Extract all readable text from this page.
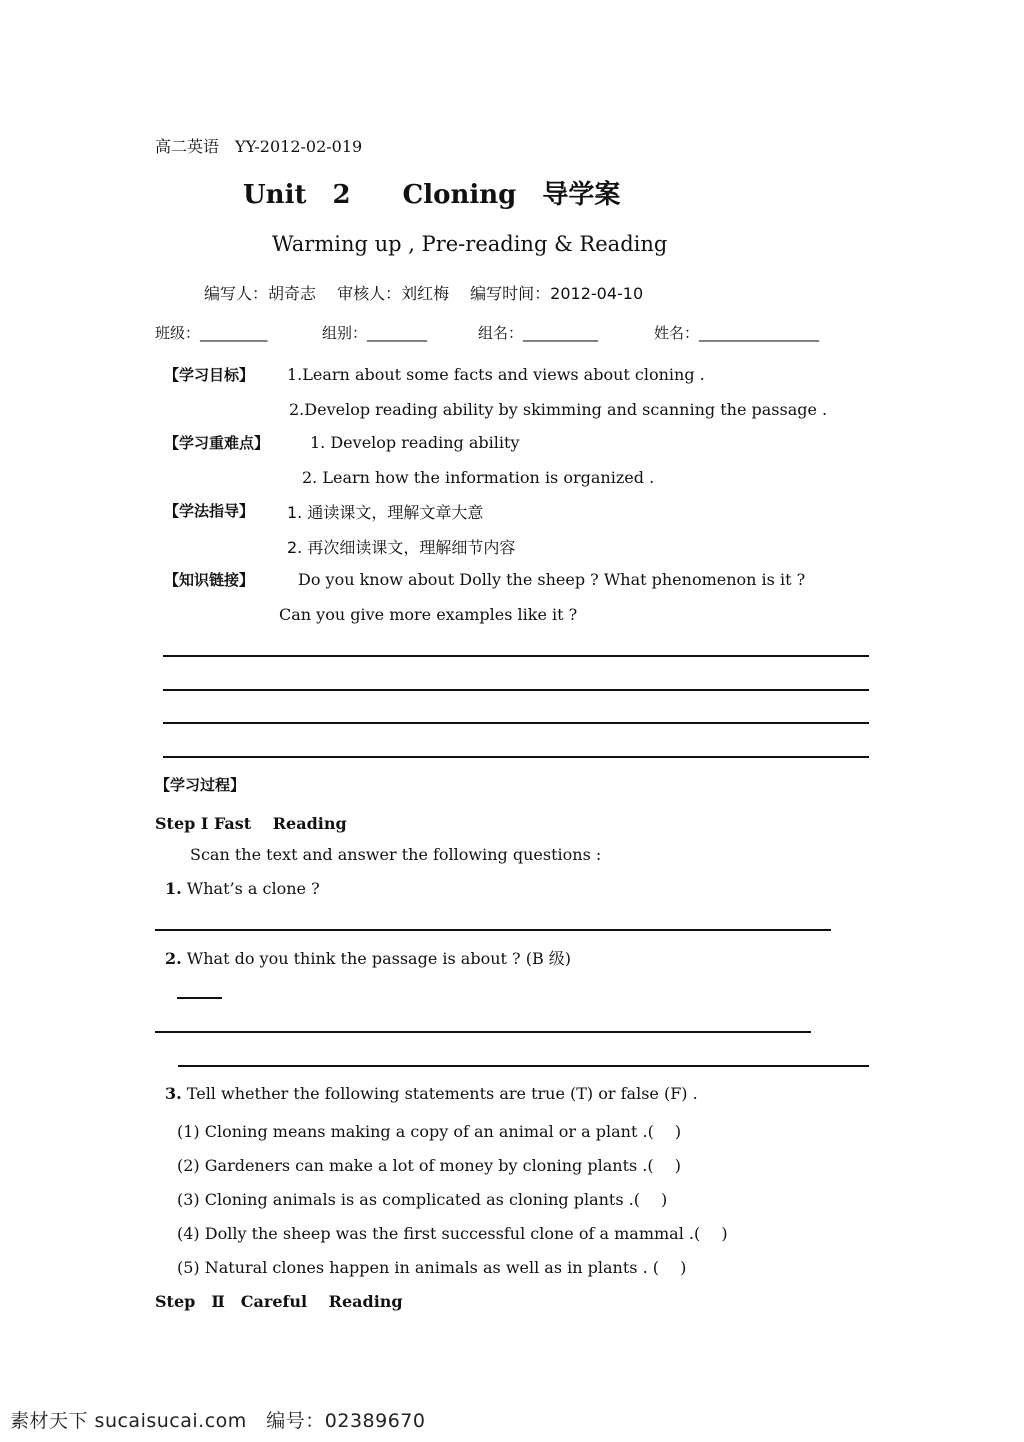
高二英语　YY-2012-02-019
Unit　2　　Cloning　导学案
Warming up , Pre-reading & Reading
编写人：胡奇志　 审核人：刘红梅　 编写时间：2012-04-10
班级：_________	组别：________	组名：__________	姓名：________________
【学习目标】 1.Learn about some facts and views about cloning .
2.Develop reading ability by skimming and scanning the passage .
【学习重难点】	1. Develop reading ability
2. Learn how the information is organized .
【学法指导】 1. 通读课文，理解文章大意
2. 再次细读课文，理解细节内容
【知识链接】	Do you know about Dolly the sheep ? What phenomenon is it ?
Can you give more examples like it ?
【学习过程】
Step I Fast　 Reading
Scan the text and answer the following questions :
1. What’s a clone ?
2. What do you think the passage is about ? (B 级)
3. Tell whether the following statements are true (T) or false (F) .
(1) Cloning means making a copy of an animal or a plant .(　 )
(2) Gardeners can make a lot of money by cloning plants .(　 )
(3) Cloning animals is as complicated as cloning plants .(　 )
(4) Dolly the sheep was the first successful clone of a mammal .(　 )
(5) Natural clones happen in animals as well as in plants . (　 )
Step　Ⅱ　Careful　 Reading
素材天下 sucaisucai.com　编号：02389670
